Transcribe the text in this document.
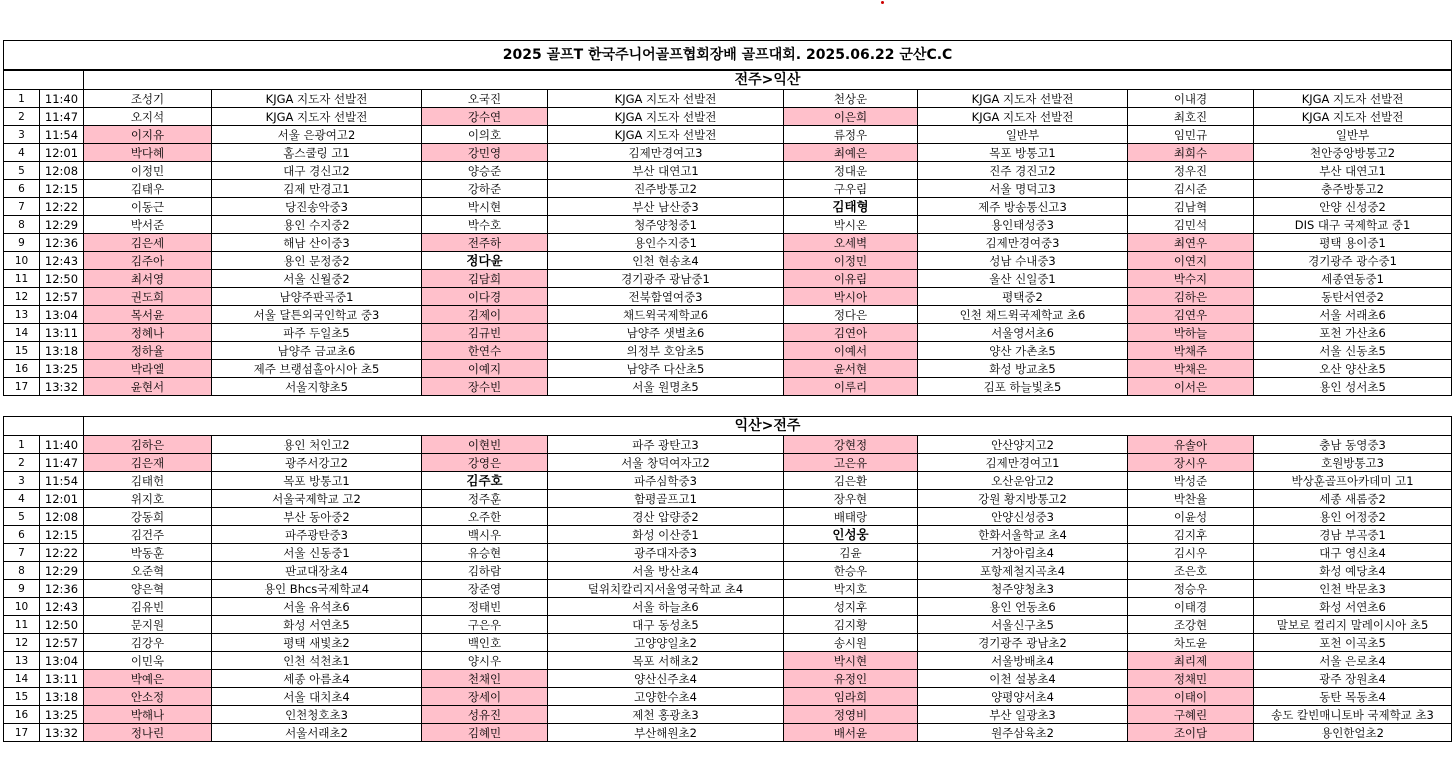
2025 골프T 한국주니어골프협회장배 골프대회. 2025.06.22 군산C.C									
		전주>익산							
1	11:40	조성기	KJGA 지도자 선발전	오국진	KJGA 지도자 선발전	천상운	KJGA 지도자 선발전	이내경	KJGA 지도자 선발전
2	11:47	오지석	KJGA 지도자 선발전	강수연	KJGA 지도자 선발전	이은희	KJGA 지도자 선발전	최호진	KJGA 지도자 선발전
3	11:54	이지유	서울 은광여고2	이의호	KJGA 지도자 선발전	류정우	일반부	임민규	일반부
4	12:01	박다혜	홈스쿨링 고1	강민영	김제만경여고3	최예은	목포 방통고1	최희수	천안중앙방통고2
5	12:08	이정민	대구 경신고2	양승준	부산 대연고1	정대운	진주 경진고2	정우진	부산 대연고1
6	12:15	김태우	김제 만경고1	강하준	진주방통고2	구우림	서울 명덕고3	김시준	충주방통고2
7	12:22	이동근	당진송악중3	박시현	부산 남산중3	김태형	제주 방송통신고3	김남혁	안양 신성중2
8	12:29	박서준	용인 수지중2	박수호	청주양청중1	박시온	용인태성중3	김민석	DIS 대구 국제학교 중1
9	12:36	김은세	해남 산이중3	전주하	용인수지중1	오세벽	김제만경여중3	최연우	평택 용이중1
10	12:43	김주아	용인 문정중2	정다윤	인천 현송초4	이정민	성남 수내중3	이연지	경기광주 광수중1
11	12:50	최서영	서울 신월중2	김담희	경기광주 광남중1	이유림	울산 신일중1	박수지	세종연동중1
12	12:57	권도희	남양주판곡중1	이다경	전북함열여중3	박시아	평택중2	김하은	동탄서연중2
13	13:04	목서윤	서울 달튼외국인학교 중3	김제이	채드윅국제학교6	정다은	인천 채드윅국제학교 초6	김연우	서울 서래초6
14	13:11	정혜나	파주 두일초5	김규빈	남양주 샛별초6	김연아	서울영서초6	박하늘	포천 가산초6
15	13:18	정하율	남양주 금교초6	한연수	의정부 호암초5	이예서	양산 가촌초5	박채주	서울 신동초5
16	13:25	박라엘	제주 브랭섬홀아시아 초5	이예지	남양주 다산초5	윤서현	화성 방교초5	박채은	오산 양산초5
17	13:32	윤현서	서울지향초5	장수빈	서울 원명초5	이루리	김포 하늘빛초5	이서은	용인 성서초5

		익산>전주							
1	11:40	김하은	용인 처인고2	이현빈	파주 광탄고3	강현정	안산양지고2	유솔아	충남 동영중3
2	11:47	김은재	광주서강고2	강영은	서울 창덕여자고2	고은유	김제만경여고1	장시우	호원방통고3
3	11:54	김태헌	목포 방통고1	김주호	파주심학중3	김은환	오산운암고2	박성준	박상훈골프아카데미 고1
4	12:01	위지호	서울국제학교 고2	정주훈	함평골프고1	장우현	강원 황지방통고2	박찬율	세종 새롬중2
5	12:08	강동희	부산 동아중2	오주한	경산 압량중2	배태랑	안양신성중3	이윤성	용인 어정중2
6	12:15	김건주	파주광탄중3	백시우	화성 이산중1	인성웅	한화서울학교 초4	김지후	경남 부곡중1
7	12:22	박동훈	서울 신동중1	유승현	광주대자중3	김윤	거창아림초4	김시우	대구 영신초4
8	12:29	오준혁	판교대장초4	김하람	서울 방산초4	한승우	포항제철지곡초4	조은호	화성 예당초4
9	12:36	양은혁	용인 Bhcs국제학교4	장준영	덜위치칼리지서울영국학교 초4	박지호	청주양청초3	정승우	인천 박문초3
10	12:43	김유빈	서울 유석초6	정태빈	서울 하늘초6	성지후	용인 언동초6	이태경	화성 서연초6
11	12:50	문지원	화성 서연초5	구은우	대구 동성초5	김지황	서울신구초5	조강현	말보로 컬리지 말레이시아 초5
12	12:57	김강우	평택 새빛초2	백인호	고양양일초2	송시원	경기광주 광남초2	차도윤	포천 이곡초5
13	13:04	이민욱	인천 석천초1	양시우	목포 서해초2	박시현	서울방배초4	최리제	서울 은로초4
14	13:11	박예은	세종 아름초4	천채인	양산신주초4	유정인	이천 설봉초4	정채민	광주 장원초4
15	13:18	안소정	서울 대치초4	장세이	고양한수초4	임라희	양평양서초4	이태이	동탄 목동초4
16	13:25	박해나	인천청호초3	성유진	제천 홍광초3	정영비	부산 일광초3	구혜린	송도 칼빈매니토바 국제학교 초3
17	13:32	정나린	서울서래초2	김혜민	부산해원초2	배서윤	원주삼육초2	조이담	용인한얼초2
